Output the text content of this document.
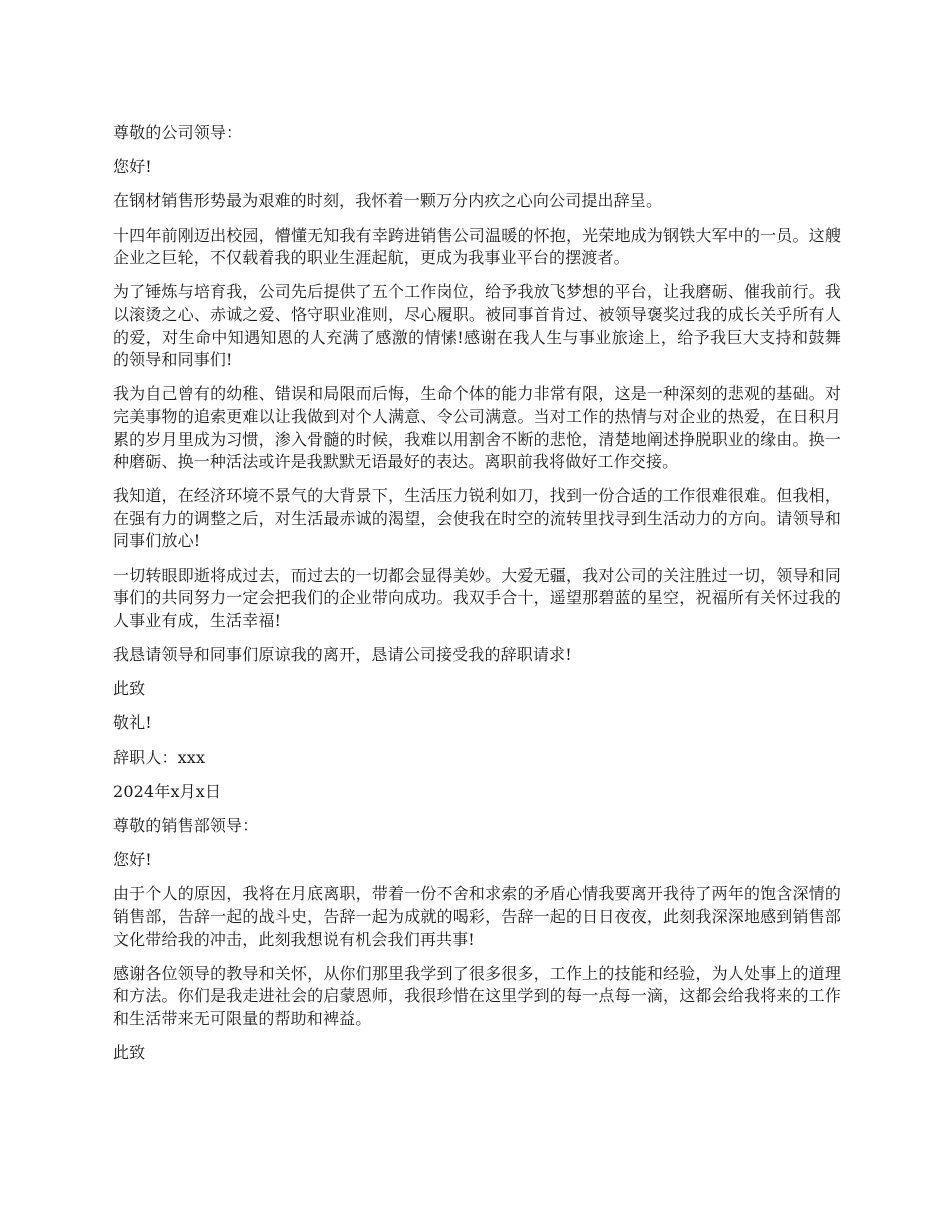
尊敬的公司领导：

您好!

在钢材销售形势最为艰难的时刻，我怀着一颗万分内疚之心向公司提出辞呈。

十四年前刚迈出校园，懵懂无知我有幸跨进销售公司温暖的怀抱，光荣地成为钢铁大军中的一员。这艘企业之巨轮，不仅载着我的职业生涯起航，更成为我事业平台的摆渡者。

为了锤炼与培育我，公司先后提供了五个工作岗位，给予我放飞梦想的平台，让我磨砺、催我前行。我以滚烫之心、赤诚之爱、恪守职业准则，尽心履职。被同事首肯过、被领导褒奖过我的成长关乎所有人的爱，对生命中知遇知恩的人充满了感激的情愫!感谢在我人生与事业旅途上，给予我巨大支持和鼓舞的领导和同事们!

我为自己曾有的幼稚、错误和局限而后悔，生命个体的能力非常有限，这是一种深刻的悲观的基础。对完美事物的追索更难以让我做到对个人满意、令公司满意。当对工作的热情与对企业的热爱，在日积月累的岁月里成为习惯，渗入骨髓的时候，我难以用割舍不断的悲怆，清楚地阐述挣脱职业的缘由。换一种磨砺、换一种活法或许是我默默无语最好的表达。离职前我将做好工作交接。

我知道，在经济环境不景气的大背景下，生活压力锐利如刀，找到一份合适的工作很难很难。但我相，在强有力的调整之后，对生活最赤诚的渴望，会使我在时空的流转里找寻到生活动力的方向。请领导和同事们放心!

一切转眼即逝将成过去，而过去的一切都会显得美妙。大爱无疆，我对公司的关注胜过一切，领导和同事们的共同努力一定会把我们的企业带向成功。我双手合十，遥望那碧蓝的星空，祝福所有关怀过我的人事业有成，生活幸福!

我恳请领导和同事们原谅我的离开，恳请公司接受我的辞职请求!

此致

敬礼!

辞职人：xxx

2024年x月x日

尊敬的销售部领导：

您好!

由于个人的原因，我将在月底离职，带着一份不舍和求索的矛盾心情我要离开我待了两年的饱含深情的销售部，告辞一起的战斗史，告辞一起为成就的喝彩，告辞一起的日日夜夜，此刻我深深地感到销售部文化带给我的冲击，此刻我想说有机会我们再共事!

感谢各位领导的教导和关怀，从你们那里我学到了很多很多，工作上的技能和经验，为人处事上的道理和方法。你们是我走进社会的启蒙恩师，我很珍惜在这里学到的每一点每一滴，这都会给我将来的工作和生活带来无可限量的帮助和裨益。

此致
